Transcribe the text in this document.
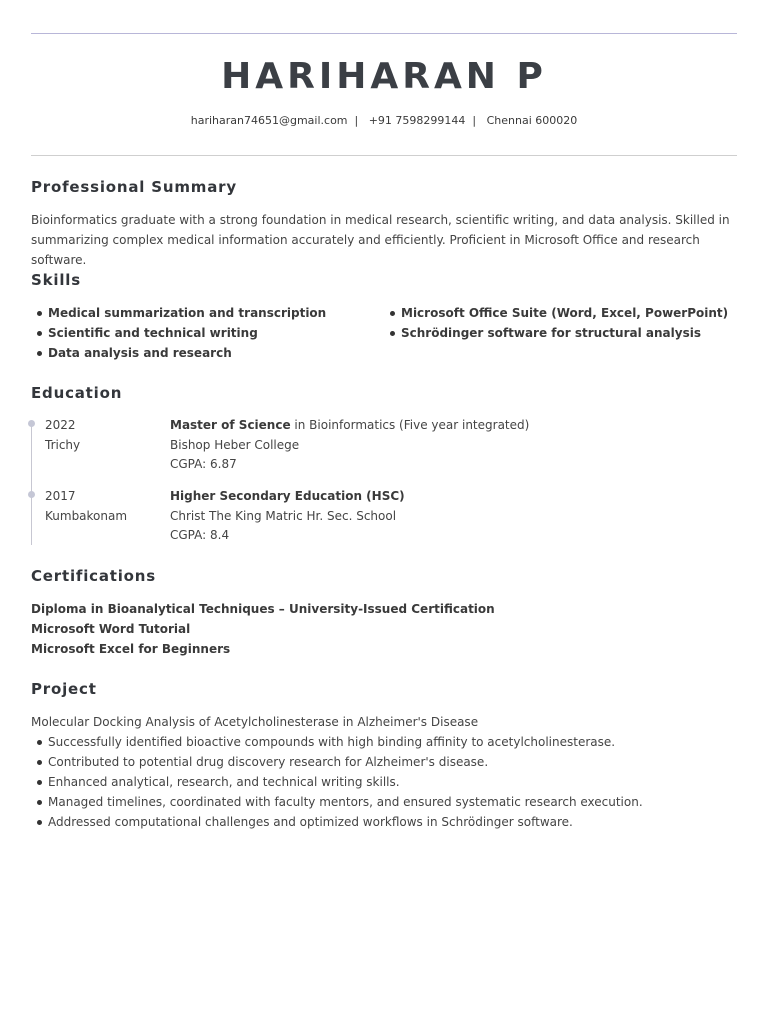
HARIHARAN P
hariharan74651@gmail.com  |   +91 7598299144  |   Chennai 600020
Professional Summary
Bioinformatics graduate with a strong foundation in medical research, scientific writing, and data analysis. Skilled in summarizing complex medical information accurately and efficiently. Proficient in Microsoft Office and research software.
Skills
Medical summarization and transcription
Scientific and technical writing
Data analysis and research
Microsoft Office Suite (Word, Excel, PowerPoint)
Schrödinger software for structural analysis
Education
2022
Trichy
Master of Science in Bioinformatics (Five year integrated)
Bishop Heber College
CGPA: 6.87
2017
Kumbakonam
Higher Secondary Education (HSC)
Christ The King Matric Hr. Sec. School
CGPA: 8.4
Certifications
Diploma in Bioanalytical Techniques – University-Issued Certification
Microsoft Word Tutorial
Microsoft Excel for Beginners
Project
Molecular Docking Analysis of Acetylcholinesterase in Alzheimer's Disease
Successfully identified bioactive compounds with high binding affinity to acetylcholinesterase.
Contributed to potential drug discovery research for Alzheimer's disease.
Enhanced analytical, research, and technical writing skills.
Managed timelines, coordinated with faculty mentors, and ensured systematic research execution.
Addressed computational challenges and optimized workflows in Schrödinger software.
